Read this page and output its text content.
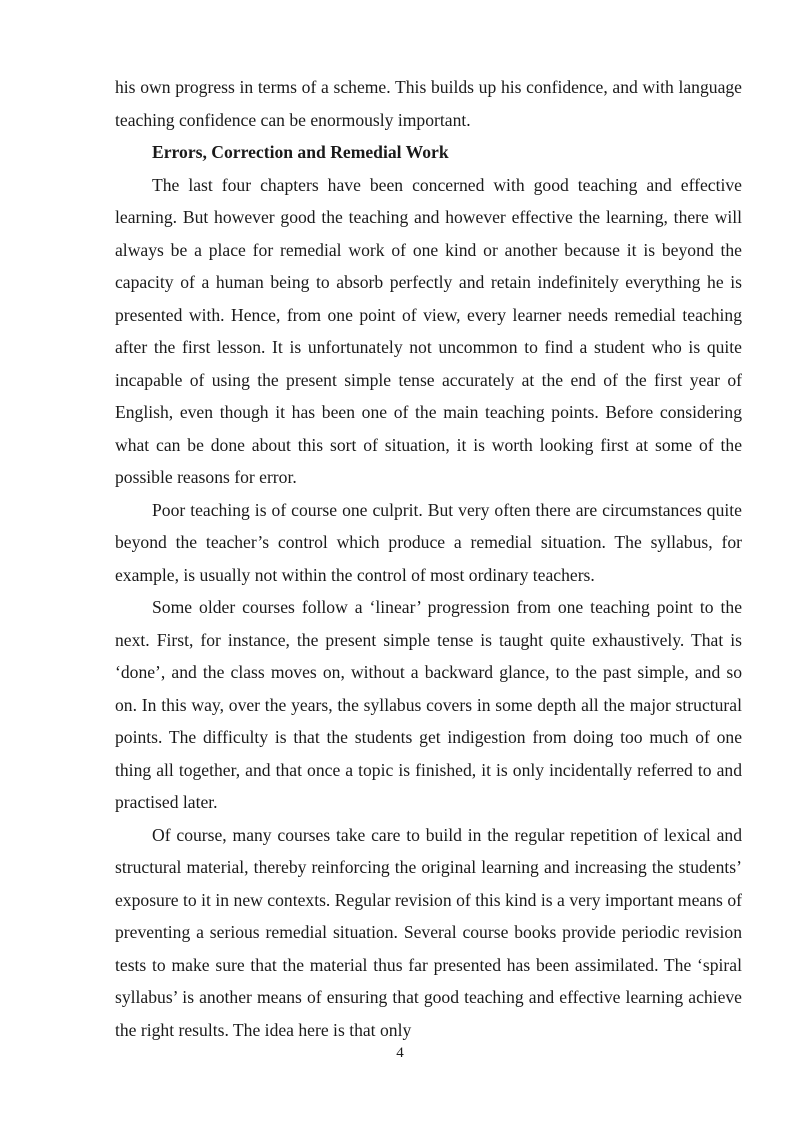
his own progress in terms of a scheme. This builds up his confidence, and with language teaching confidence can be enormously important.

Errors, Correction and Remedial Work

The last four chapters have been concerned with good teaching and effective learning. But however good the teaching and however effective the learning, there will always be a place for remedial work of one kind or another because it is beyond the capacity of a human being to absorb perfectly and retain indefinitely everything he is presented with. Hence, from one point of view, every learner needs remedial teaching after the first lesson. It is unfortunately not uncommon to find a student who is quite incapable of using the present simple tense accurately at the end of the first year of English, even though it has been one of the main teaching points. Before considering what can be done about this sort of situation, it is worth looking first at some of the possible reasons for error.

Poor teaching is of course one culprit. But very often there are circumstances quite beyond the teacher’s control which produce a remedial situation. The syllabus, for example, is usually not within the control of most ordinary teachers.

Some older courses follow a ‘linear’ progression from one teaching point to the next. First, for instance, the present simple tense is taught quite exhaustively. That is ‘done’, and the class moves on, without a backward glance, to the past simple, and so on. In this way, over the years, the syllabus covers in some depth all the major structural points. The difficulty is that the students get indigestion from doing too much of one thing all together, and that once a topic is finished, it is only incidentally referred to and practised later.

Of course, many courses take care to build in the regular repetition of lexical and structural material, thereby reinforcing the original learning and increasing the students’ exposure to it in new contexts. Regular revision of this kind is a very important means of preventing a serious remedial situation. Several course books provide periodic revision tests to make sure that the material thus far presented has been assimilated. The ‘spiral syllabus’ is another means of ensuring that good teaching and effective learning achieve the right results. The idea here is that only

4
